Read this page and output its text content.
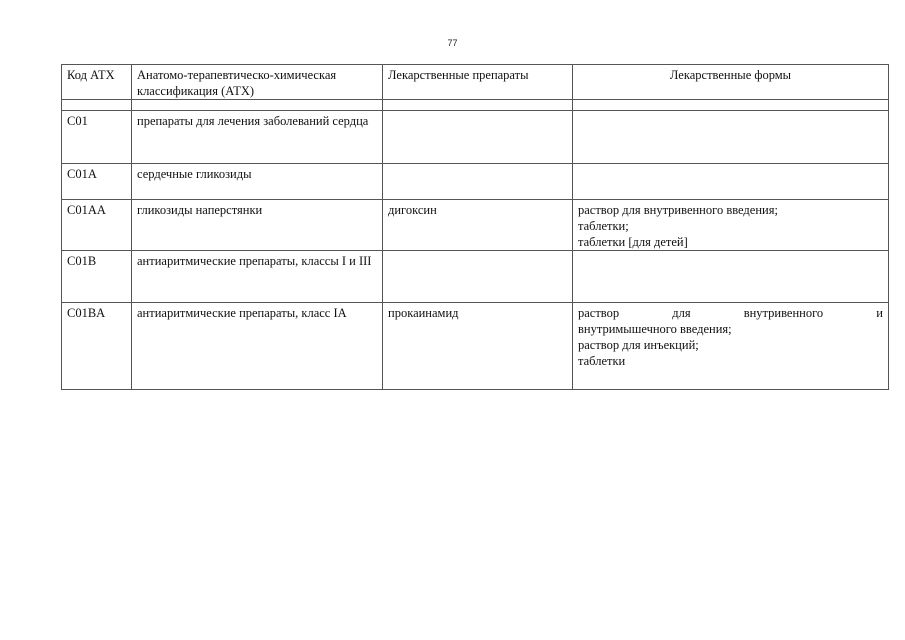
77
Код АТХ	Анатомо-терапевтическо-химическая классификация (АТХ)	Лекарственные препараты	Лекарственные формы

C01	препараты для лечения заболеваний сердца		
C01A	сердечные гликозиды		
C01AA	гликозиды наперстянки	дигоксин	раствор для внутривенного введения;
таблетки;
таблетки [для детей]

C01B	антиаритмические препараты, классы I и III		
C01BA	антиаритмические препараты, класс IA	прокаинамид	раствор для внутривенного и
внутримышечного введения;
раствор для инъекций;
таблетки
